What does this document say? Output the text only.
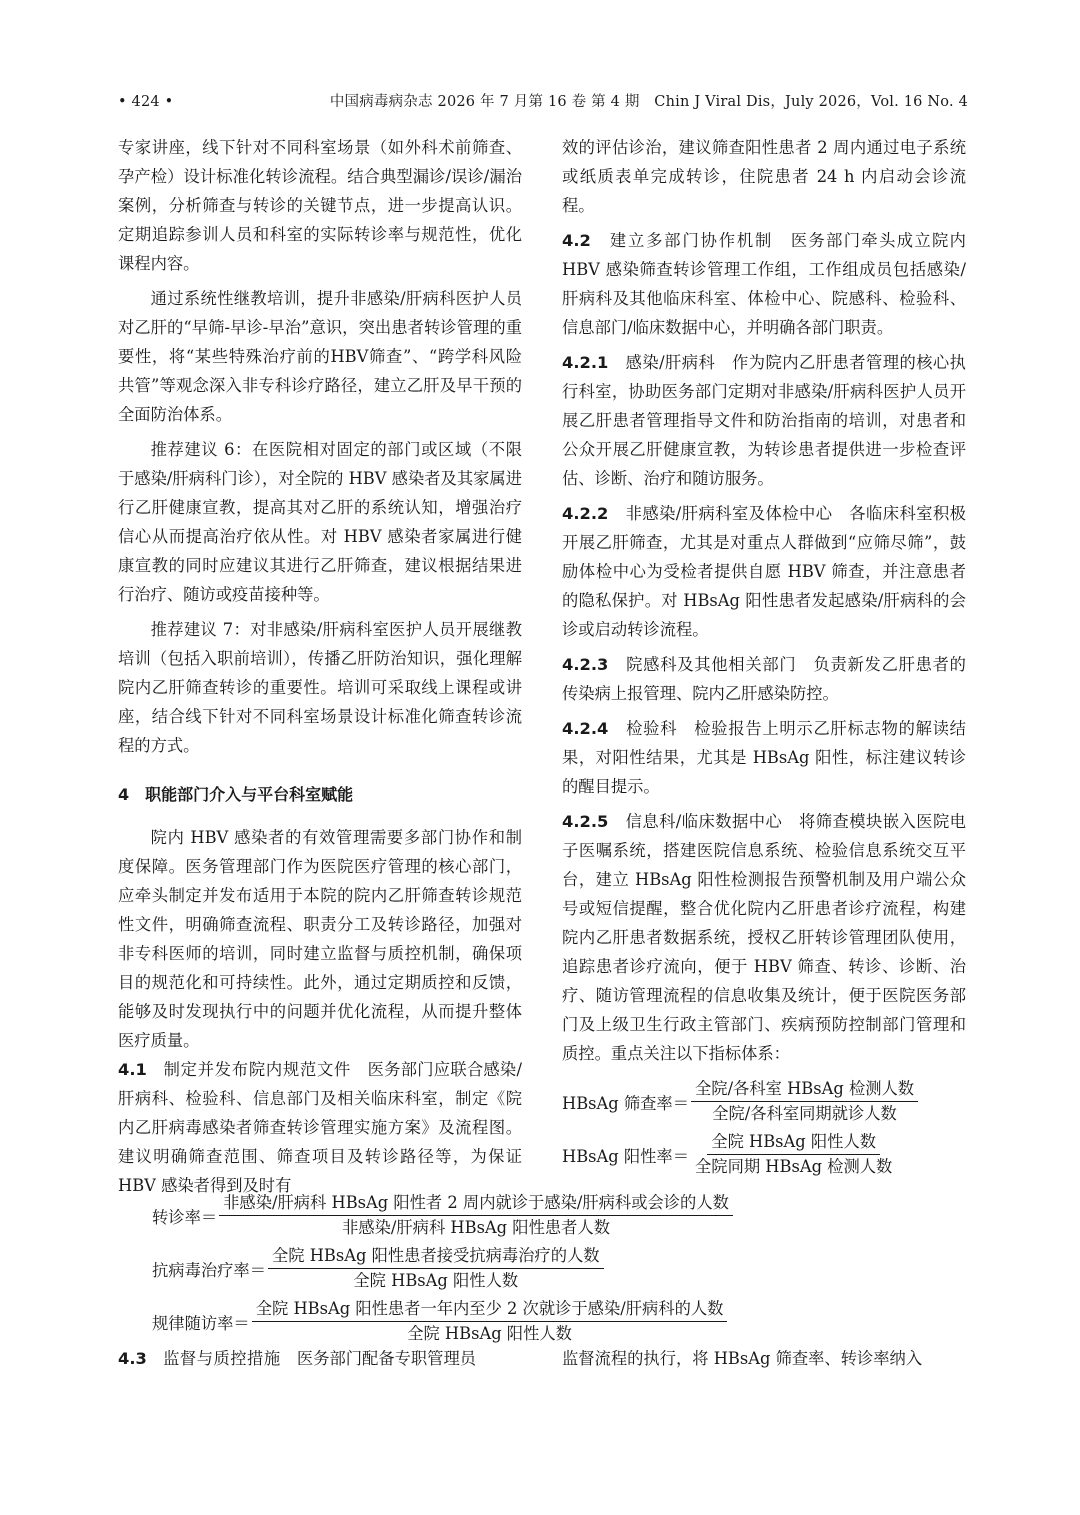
• 424 •	中国病毒病杂志 2026 年 7 月第 16 卷 第 4 期　Chin J Viral Dis，July 2026，Vol. 16 No. 4

专家讲座，线下针对不同科室场景（如外科术前筛查、孕产检）设计标准化转诊流程。结合典型漏诊/误诊/漏治案例，分析筛查与转诊的关键节点，进一步提高认识。定期追踪参训人员和科室的实际转诊率与规范性，优化课程内容。

通过系统性继教培训，提升非感染/肝病科医护人员对乙肝的“早筛-早诊-早治”意识，突出患者转诊管理的重要性，将“某些特殊治疗前的HBV筛查”、“跨学科风险共管”等观念深入非专科诊疗路径，建立乙肝及早干预的全面防治体系。

推荐建议 6：在医院相对固定的部门或区域（不限于感染/肝病科门诊），对全院的 HBV 感染者及其家属进行乙肝健康宣教，提高其对乙肝的系统认知，增强治疗信心从而提高治疗依从性。对 HBV 感染者家属进行健康宣教的同时应建议其进行乙肝筛查，建议根据结果进行治疗、随访或疫苗接种等。

推荐建议 7：对非感染/肝病科室医护人员开展继教培训（包括入职前培训），传播乙肝防治知识，强化理解院内乙肝筛查转诊的重要性。培训可采取线上课程或讲座，结合线下针对不同科室场景设计标准化筛查转诊流程的方式。

4　职能部门介入与平台科室赋能

院内 HBV 感染者的有效管理需要多部门协作和制度保障。医务管理部门作为医院医疗管理的核心部门，应牵头制定并发布适用于本院的院内乙肝筛查转诊规范性文件，明确筛查流程、职责分工及转诊路径，加强对非专科医师的培训，同时建立监督与质控机制，确保项目的规范化和可持续性。此外，通过定期质控和反馈，能够及时发现执行中的问题并优化流程，从而提升整体医疗质量。

4.1　 制定并发布院内规范文件　 医务部门应联合感染/肝病科、检验科、信息部门及相关临床科室，制定《院内乙肝病毒感染者筛查转诊管理实施方案》及流程图。建议明确筛查范围、筛查项目及转诊路径等，为保证 HBV 感染者得到及时有

效的评估诊治，建议筛查阳性患者 2 周内通过电子系统或纸质表单完成转诊，住院患者 24 h 内启动会诊流程。

4.2　 建立多部门协作机制　 医务部门牵头成立院内 HBV 感染筛查转诊管理工作组，工作组成员包括感染/肝病科及其他临床科室、体检中心、院感科、检验科、信息部门/临床数据中心，并明确各部门职责。

4.2.1　 感染/肝病科　 作为院内乙肝患者管理的核心执行科室，协助医务部门定期对非感染/肝病科医护人员开展乙肝患者管理指导文件和防治指南的培训，对患者和公众开展乙肝健康宣教，为转诊患者提供进一步检查评估、诊断、治疗和随访服务。

4.2.2　 非感染/肝病科室及体检中心　 各临床科室积极开展乙肝筛查，尤其是对重点人群做到“应筛尽筛”，鼓励体检中心为受检者提供自愿 HBV 筛查，并注意患者的隐私保护。对 HBsAg 阳性患者发起感染/肝病科的会诊或启动转诊流程。

4.2.3　 院感科及其他相关部门　 负责新发乙肝患者的传染病上报管理、院内乙肝感染防控。

4.2.4　 检验科　 检验报告上明示乙肝标志物的解读结果，对阳性结果，尤其是 HBsAg 阳性，标注建议转诊的醒目提示。

4.2.5　 信息科/临床数据中心　 将筛查模块嵌入医院电子医嘱系统，搭建医院信息系统、检验信息系统交互平台，建立 HBsAg 阳性检测报告预警机制及用户端公众号或短信提醒，整合优化院内乙肝患者诊疗流程，构建院内乙肝患者数据系统，授权乙肝转诊管理团队使用，追踪患者诊疗流向，便于 HBV 筛查、转诊、诊断、治疗、随访管理流程的信息收集及统计，便于医院医务部门及上级卫生行政主管部门、疾病预防控制部门管理和质控。重点关注以下指标体系：

HBsAg 筛查率＝ $\frac{\text{全院/各科室 HBsAg 检测人数}}{\text{全院/各科室同期就诊人数}}$
HBsAg 阳性率＝ $\frac{\text{全院 HBsAg 阳性人数}}{\text{全院同期 HBsAg 检测人数}}$
转诊率＝ $\frac{\text{非感染/肝病科 HBsAg 阳性者 2 周内就诊于感染/肝病科或会诊的人数}}{\text{非感染/肝病科 HBsAg 阳性患者人数}}$
抗病毒治疗率＝ $\frac{\text{全院 HBsAg 阳性患者接受抗病毒治疗的人数}}{\text{全院 HBsAg 阳性人数}}$
规律随访率＝ $\frac{\text{全院 HBsAg 阳性患者一年内至少 2 次就诊于感染/肝病科的人数}}{\text{全院 HBsAg 阳性人数}}$
4.3　 监督与质控措施　 医务部门配备专职管理员	监督流程的执行，将 HBsAg 筛查率、转诊率纳入
